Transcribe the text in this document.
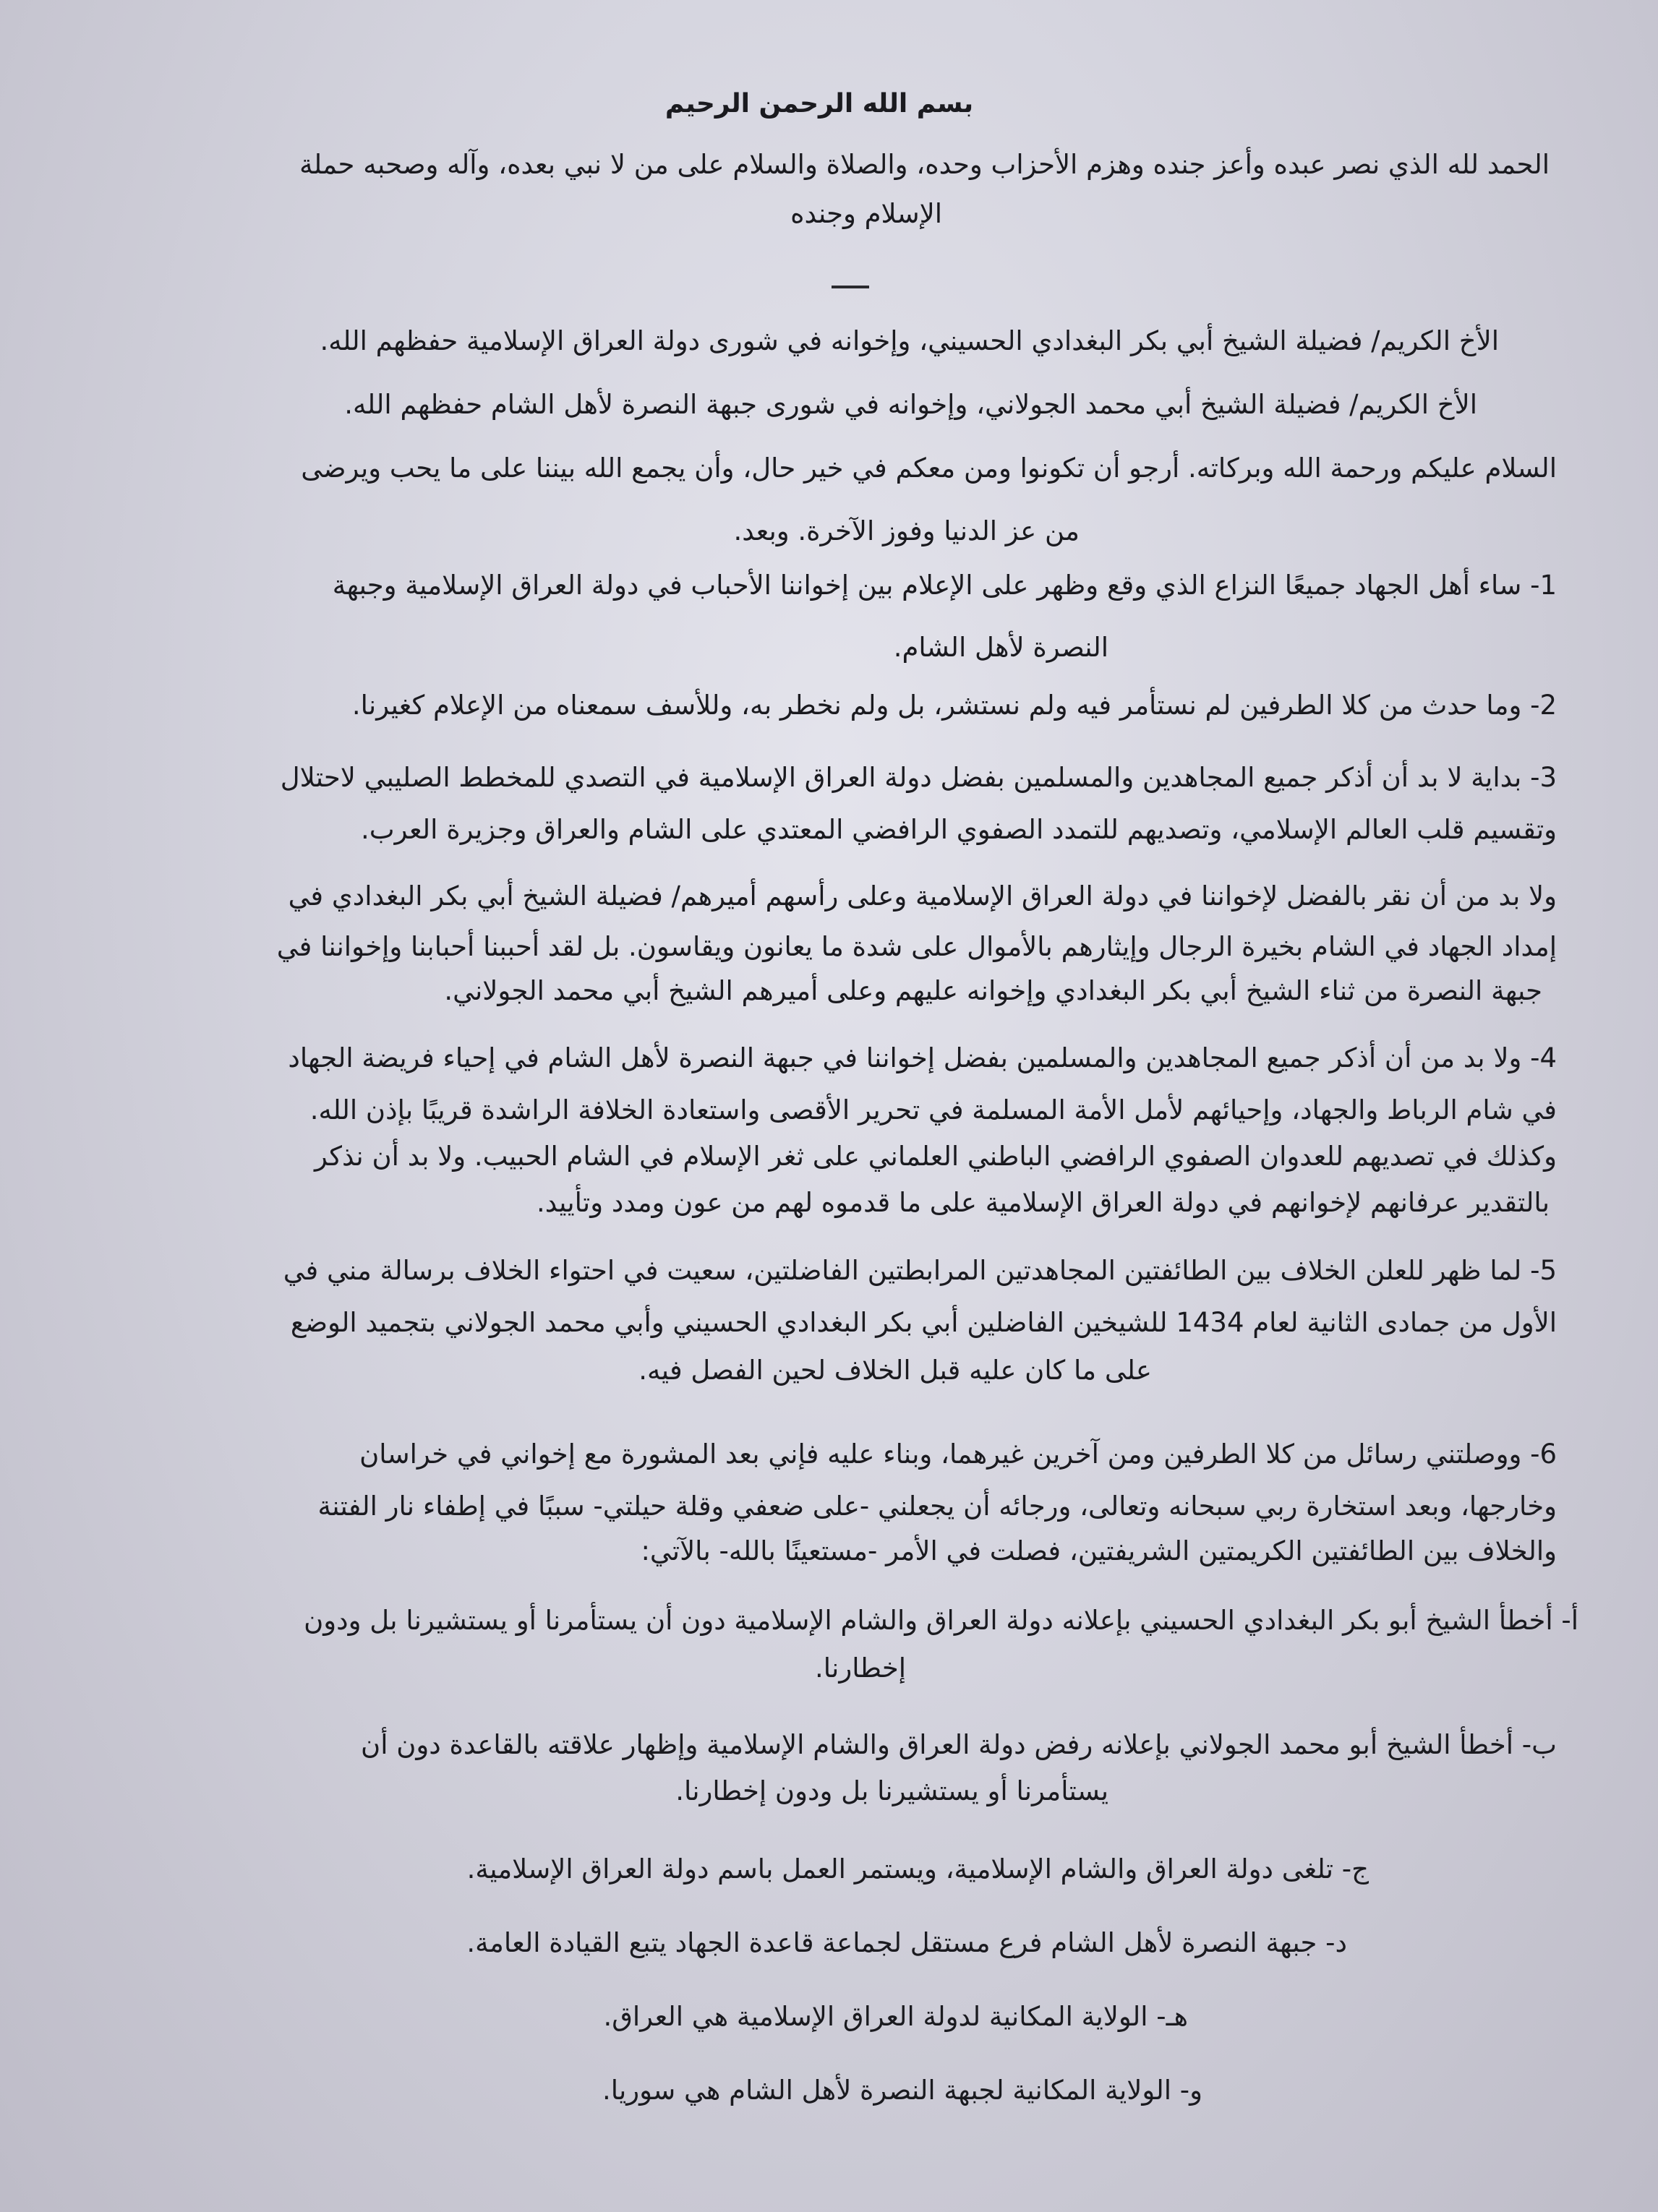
بسم الله الرحمن الرحيم
الحمد لله الذي نصر عبده وأعز جنده وهزم الأحزاب وحده، والصلاة والسلام على من لا نبي بعده، وآله وصحبه حملة
الإسلام وجنده
الأخ الكريم/ فضيلة الشيخ أبي بكر البغدادي الحسيني، وإخوانه في شورى دولة العراق الإسلامية حفظهم الله.
الأخ الكريم/ فضيلة الشيخ أبي محمد الجولاني، وإخوانه في شورى جبهة النصرة لأهل الشام حفظهم الله.
السلام عليكم ورحمة الله وبركاته. أرجو أن تكونوا ومن معكم في خير حال، وأن يجمع الله بيننا على ما يحب ويرضى
من عز الدنيا وفوز الآخرة. وبعد.
1- ساء أهل الجهاد جميعًا النزاع الذي وقع وظهر على الإعلام بين إخواننا الأحباب في دولة العراق الإسلامية وجبهة
النصرة لأهل الشام.
2- وما حدث من كلا الطرفين لم نستأمر فيه ولم نستشر، بل ولم نخطر به، وللأسف سمعناه من الإعلام كغيرنا.
3- بداية لا بد أن أذكر جميع المجاهدين والمسلمين بفضل دولة العراق الإسلامية في التصدي للمخطط الصليبي لاحتلال
وتقسيم قلب العالم الإسلامي، وتصديهم للتمدد الصفوي الرافضي المعتدي على الشام والعراق وجزيرة العرب.
ولا بد من أن نقر بالفضل لإخواننا في دولة العراق الإسلامية وعلى رأسهم أميرهم/ فضيلة الشيخ أبي بكر البغدادي في
إمداد الجهاد في الشام بخيرة الرجال وإيثارهم بالأموال على شدة ما يعانون ويقاسون. بل لقد أحببنا أحبابنا وإخواننا في
جبهة النصرة من ثناء الشيخ أبي بكر البغدادي وإخوانه عليهم وعلى أميرهم الشيخ أبي محمد الجولاني.
4- ولا بد من أن أذكر جميع المجاهدين والمسلمين بفضل إخواننا في جبهة النصرة لأهل الشام في إحياء فريضة الجهاد
في شام الرباط والجهاد، وإحيائهم لأمل الأمة المسلمة في تحرير الأقصى واستعادة الخلافة الراشدة قريبًا بإذن الله.
وكذلك في تصديهم للعدوان الصفوي الرافضي الباطني العلماني على ثغر الإسلام في الشام الحبيب. ولا بد أن نذكر
بالتقدير عرفانهم لإخوانهم في دولة العراق الإسلامية على ما قدموه لهم من عون ومدد وتأييد.
5- لما ظهر للعلن الخلاف بين الطائفتين المجاهدتين المرابطتين الفاضلتين، سعيت في احتواء الخلاف برسالة مني في
الأول من جمادى الثانية لعام 1434 للشيخين الفاضلين أبي بكر البغدادي الحسيني وأبي محمد الجولاني بتجميد الوضع
على ما كان عليه قبل الخلاف لحين الفصل فيه.
6- ووصلتني رسائل من كلا الطرفين ومن آخرين غيرهما، وبناء عليه فإني بعد المشورة مع إخواني في خراسان
وخارجها، وبعد استخارة ربي سبحانه وتعالى، ورجائه أن يجعلني -على ضعفي وقلة حيلتي- سببًا في إطفاء نار الفتنة
والخلاف بين الطائفتين الكريمتين الشريفتين، فصلت في الأمر -مستعينًا بالله- بالآتي:
أ- أخطأ الشيخ أبو بكر البغدادي الحسيني بإعلانه دولة العراق والشام الإسلامية دون أن يستأمرنا أو يستشيرنا بل ودون
إخطارنا.
ب- أخطأ الشيخ أبو محمد الجولاني بإعلانه رفض دولة العراق والشام الإسلامية وإظهار علاقته بالقاعدة دون أن
يستأمرنا أو يستشيرنا بل ودون إخطارنا.
ج- تلغى دولة العراق والشام الإسلامية، ويستمر العمل باسم دولة العراق الإسلامية.
د- جبهة النصرة لأهل الشام فرع مستقل لجماعة قاعدة الجهاد يتبع القيادة العامة.
هـ- الولاية المكانية لدولة العراق الإسلامية هي العراق.
و- الولاية المكانية لجبهة النصرة لأهل الشام هي سوريا.
